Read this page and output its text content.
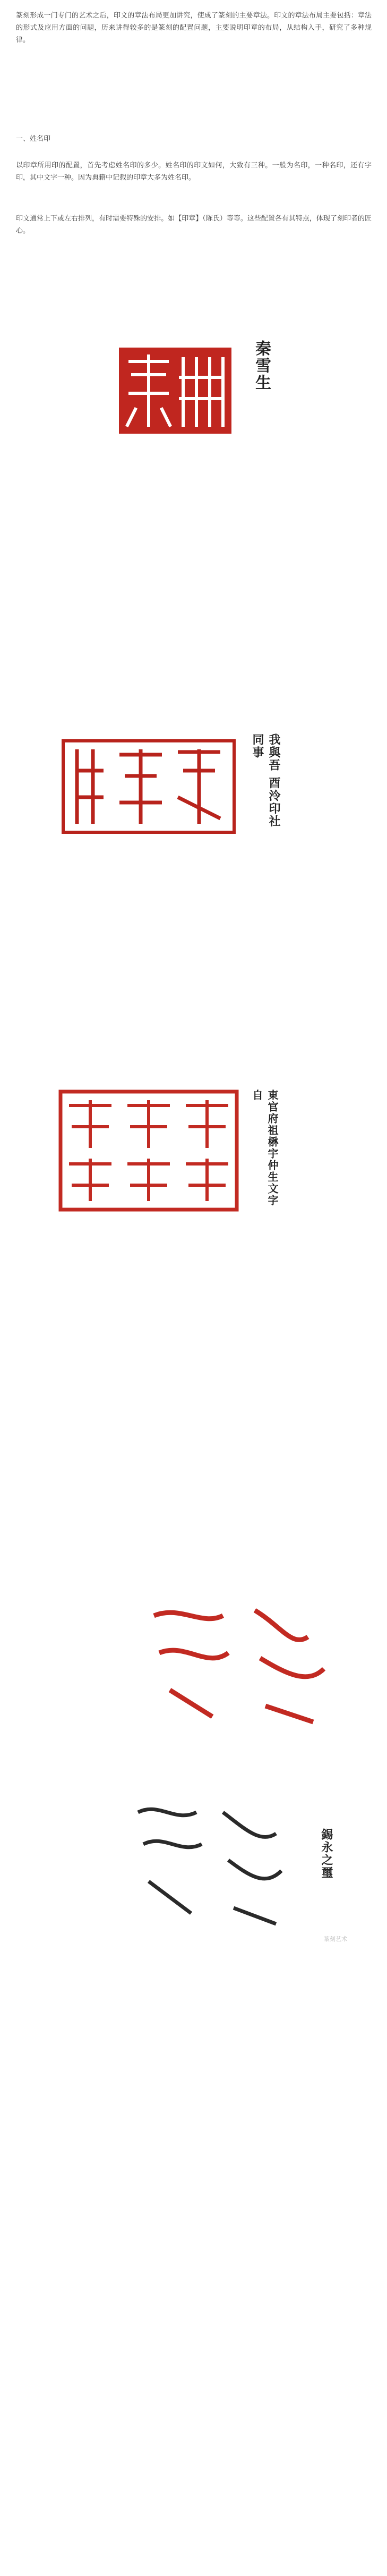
篆刻形成一门专门的艺术之后，印文的章法布局更加讲究，使成了篆刻的主要章法。印文的章法布局主要包括：章法的形式及应用方面的问题，历来讲得较多的是篆刻的配置问题，主要说明印章的布局，从结构入手，研究了多种规律。
一、姓名印
以印章所用印的配置，首先考虑姓名印的多少。姓名印的印文如何，大致有三种。一般为名印，一种名印，还有字印，其中文字一种。因为典籍中记载的印章大多为姓名印。
印文通常上下或左右排列，有时需要特殊的安排。如【印章】（陈氏）等等。这些配置各有其特点，体现了刻印者的匠心。
秦雪生
我與吾 酉泠印社同事
東官府祖楙宇仲生文字自
錫永之璽
篆刻艺术
